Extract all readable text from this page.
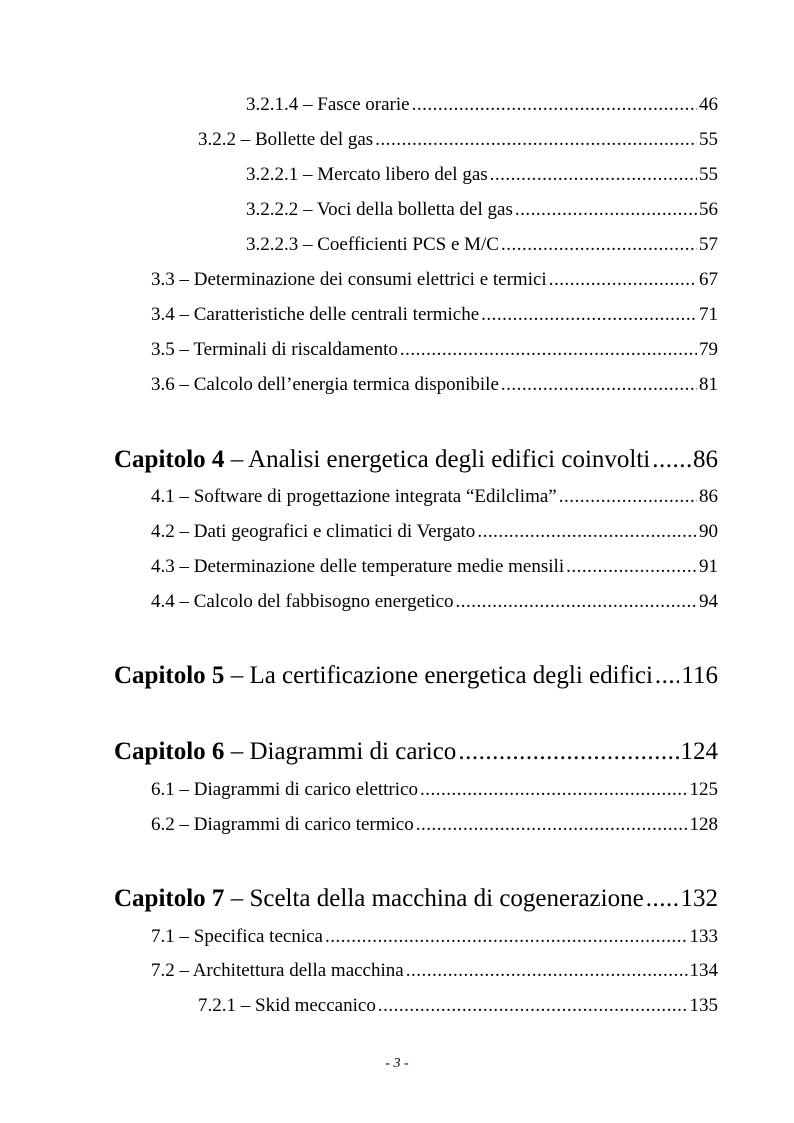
3.2.1.4 – Fasce orarie .....	46
3.2.2 – Bollette del gas .....	55
3.2.2.1 – Mercato libero del gas .....	55
3.2.2.2 – Voci della bolletta del gas .....	56
3.2.2.3 – Coefficienti PCS e M/C .....	57
3.3 – Determinazione dei consumi elettrici e termici .....	67
3.4 – Caratteristiche delle centrali termiche .....	71
3.5 – Terminali di riscaldamento .....	79
3.6 – Calcolo dell’energia termica disponibile .....	81
Capitolo 4 – Analisi energetica degli edifici coinvolti ..... 86
4.1 – Software di progettazione integrata “Edilclima” .....	86
4.2 – Dati geografici e climatici di Vergato .....	90
4.3 – Determinazione delle temperature medie mensili .....	91
4.4 – Calcolo del fabbisogno energetico .....	94
Capitolo 5 – La certificazione energetica degli edifici ..... 116
Capitolo 6 – Diagrammi di carico .....	124
6.1 – Diagrammi di carico elettrico .....	125
6.2 – Diagrammi di carico termico .....	128
Capitolo 7 – Scelta della macchina di cogenerazione ..... 132
7.1 – Specifica tecnica .....	133
7.2 – Architettura della macchina .....	134
7.2.1 – Skid meccanico .....	135
- 3 -
